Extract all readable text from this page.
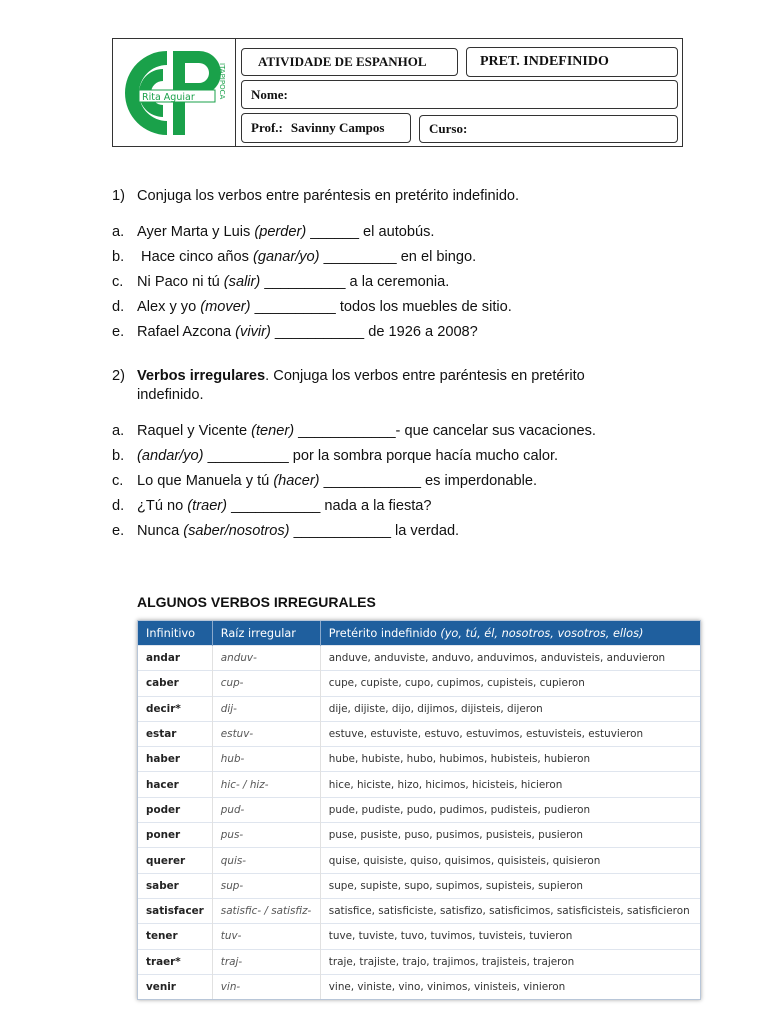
Rita Aguiar	ITAPIPOCA
ATIVIDADE DE ESPANHOL	PRET. INDEFINIDO
Nome:
Prof.: Savinny Campos	Curso:
1) Conjuga los verbos entre paréntesis en pretérito indefinido.
a. Ayer Marta y Luis (perder) ______ el autobús.
b. Hace cinco años (ganar/yo) _________ en el bingo.
c. Ni Paco ni tú (salir) __________ a la ceremonia.
d. Alex y yo (mover) __________ todos los muebles de sitio.
e. Rafael Azcona (vivir) ___________ de 1926 a 2008?
2) Verbos irregulares. Conjuga los verbos entre paréntesis en pretérito
indefinido.
a. Raquel y Vicente (tener) ____________- que cancelar sus vacaciones.
b. (andar/yo) __________ por la sombra porque hacía mucho calor.
c. Lo que Manuela y tú (hacer) ____________ es imperdonable.
d. ¿Tú no (traer) ___________ nada a la fiesta?
e. Nunca (saber/nosotros) ____________ la verdad.
ALGUNOS VERBOS IRREGURALES
Infinitivo	Raíz irregular	Pretérito indefinido (yo, tú, él, nosotros, vosotros, ellos)
andar	anduv-	anduve, anduviste, anduvo, anduvimos, anduvisteis, anduvieron
caber	cup-	cupe, cupiste, cupo, cupimos, cupisteis, cupieron
decir*	dij-	dije, dijiste, dijo, dijimos, dijisteis, dijeron
estar	estuv-	estuve, estuviste, estuvo, estuvimos, estuvisteis, estuvieron
haber	hub-	hube, hubiste, hubo, hubimos, hubisteis, hubieron
hacer	hic- / hiz-	hice, hiciste, hizo, hicimos, hicisteis, hicieron
poder	pud-	pude, pudiste, pudo, pudimos, pudisteis, pudieron
poner	pus-	puse, pusiste, puso, pusimos, pusisteis, pusieron
querer	quis-	quise, quisiste, quiso, quisimos, quisisteis, quisieron
saber	sup-	supe, supiste, supo, supimos, supisteis, supieron
satisfacer	satisfic- / satisfiz-	satisfice, satisficiste, satisfizo, satisficimos, satisficisteis, satisficieron
tener	tuv-	tuve, tuviste, tuvo, tuvimos, tuvisteis, tuvieron
traer*	traj-	traje, trajiste, trajo, trajimos, trajisteis, trajeron
venir	vin-	vine, viniste, vino, vinimos, vinisteis, vinieron
